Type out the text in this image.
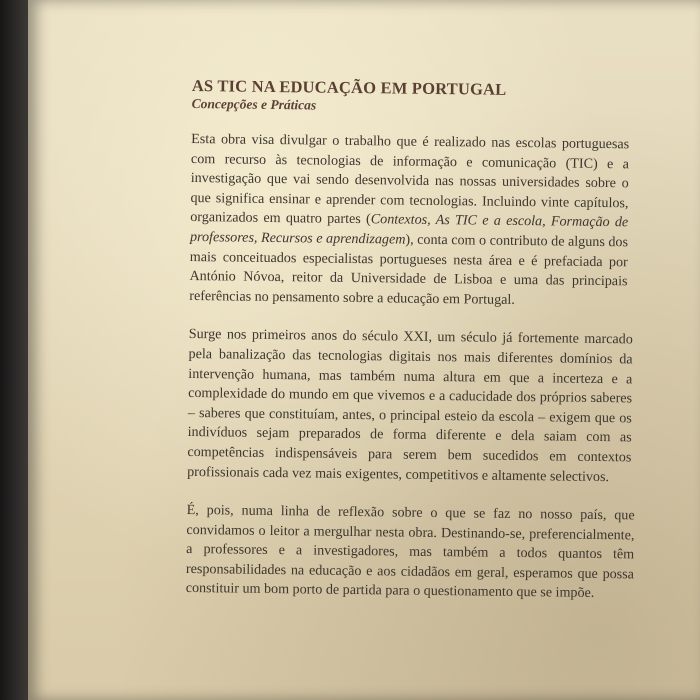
AS TIC NA EDUCAÇÃO EM PORTUGAL
Concepções e Práticas

Esta obra visa divulgar o trabalho que é realizado nas escolas portuguesas com recurso às tecnologias de informação e comunicação (TIC) e a investigação que vai sendo desenvolvida nas nossas universidades sobre o que significa ensinar e aprender com tecnologias. Incluindo vinte capítulos, organizados em quatro partes (Contextos, As TIC e a escola, Formação de professores, Recursos e aprendizagem), conta com o contributo de alguns dos mais conceituados especialistas portugueses nesta área e é prefaciada por António Nóvoa, reitor da Universidade de Lisboa e uma das principais referências no pensamento sobre a educação em Portugal.

Surge nos primeiros anos do século XXI, um século já fortemente marcado pela banalização das tecnologias digitais nos mais diferentes domínios da intervenção humana, mas também numa altura em que a incerteza e a complexidade do mundo em que vivemos e a caducidade dos próprios saberes – saberes que constituíam, antes, o principal esteio da escola – exigem que os indivíduos sejam preparados de forma diferente e dela saiam com as competências indispensáveis para serem bem sucedidos em contextos profissionais cada vez mais exigentes, competitivos e altamente selectivos.

É, pois, numa linha de reflexão sobre o que se faz no nosso país, que convidamos o leitor a mergulhar nesta obra. Destinando-se, preferencialmente, a professores e a investigadores, mas também a todos quantos têm responsabilidades na educação e aos cidadãos em geral, esperamos que possa constituir um bom porto de partida para o questionamento que se impõe.
